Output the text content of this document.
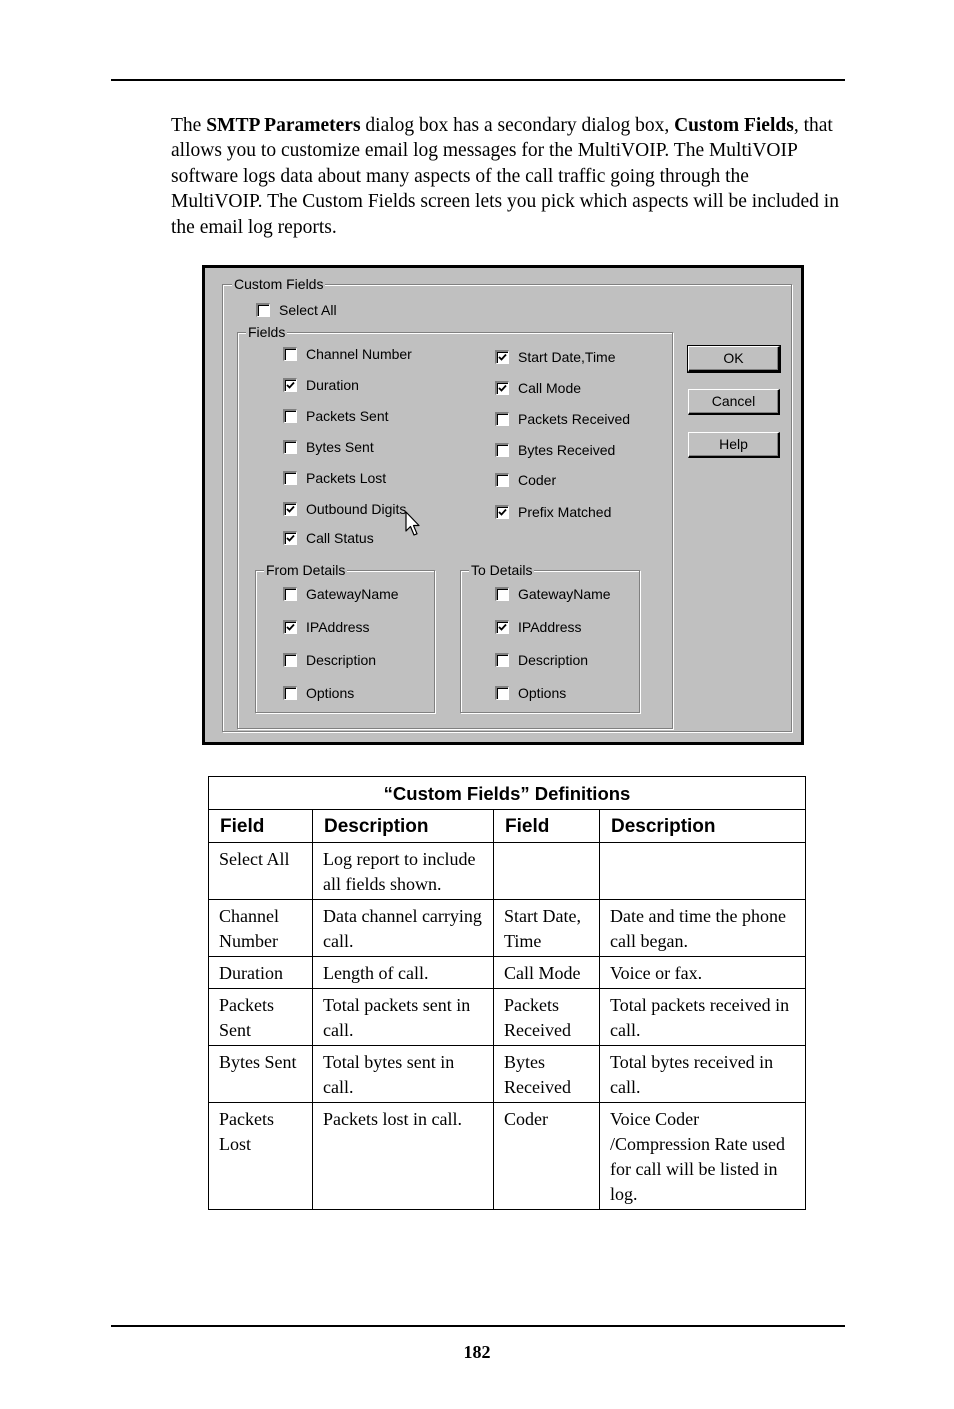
The SMTP Parameters dialog box has a secondary dialog box, Custom Fields, that allows you to customize email log messages for the MultiVOIP. The MultiVOIP software logs data about many aspects of the call traffic going through the MultiVOIP. The Custom Fields screen lets you pick which aspects will be included in the email log reports.
Custom Fields
Select All
Fields
Channel Number
Duration
Packets Sent
Bytes Sent
Packets Lost
Outbound Digits
Call Status
Start Date,Time
Call Mode
Packets Received
Bytes Received
Coder
Prefix Matched
From Details	To Details
GatewayName
IPAddress
Description
Options
GatewayName
IPAddress
Description
Options
OK
Cancel
Help
“Custom Fields” Definitions			
Field	Description	Field	Description
Select All	Log report to include all fields shown.		
Channel Number	Data channel carrying call.	Start Date, Time	Date and time the phone call began.
Duration	Length of call.	Call Mode	Voice or fax.
Packets Sent	Total packets sent in call.	Packets Received	Total packets received in call.
Bytes Sent	Total bytes sent in call.	Bytes Received	Total bytes received in call.
Packets Lost	Packets lost in call.	Coder	Voice Coder /Compression Rate used for call will be listed in log.
182
